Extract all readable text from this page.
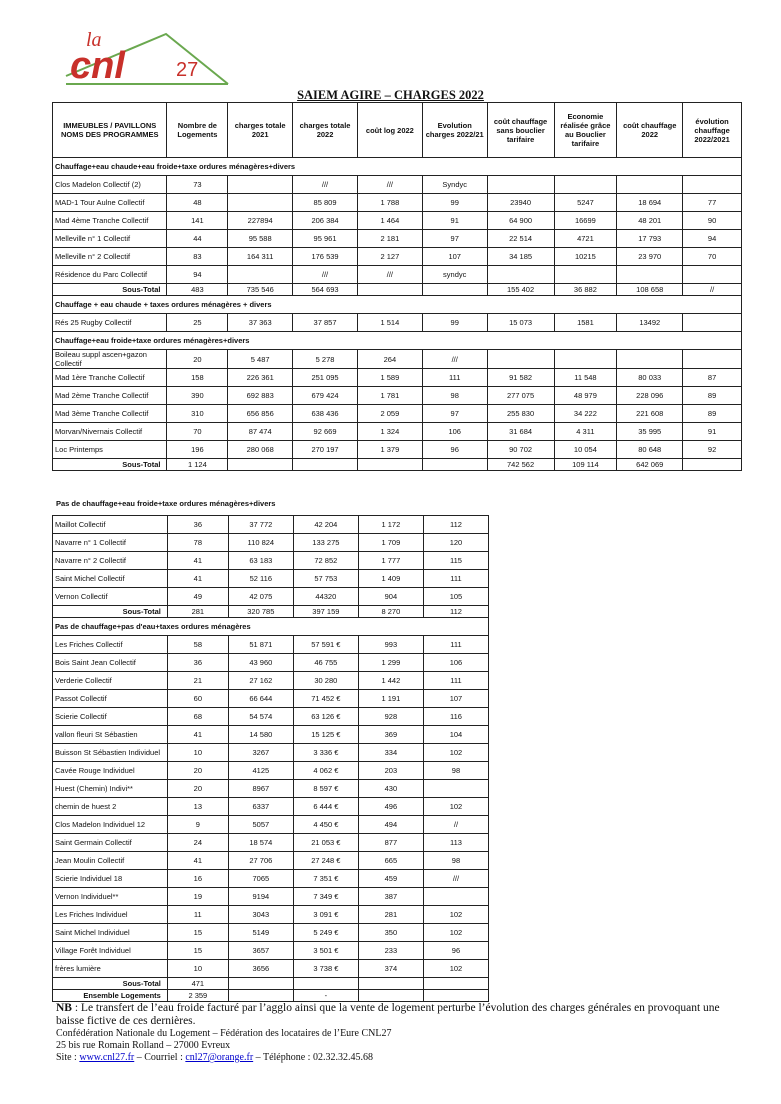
la
cnl	27
SAIEM AGIRE – CHARGES 2022
IMMEUBLES / PAVILLONS NOMS DES PROGRAMMES	Nombre de Logements	charges totale 2021	charges totale 2022	coût log 2022	Evolution charges 2022/21	coût chauffage sans bouclier tarifaire	Economie réalisée grâce au Bouclier tarifaire	coût chauffage 2022	évolution chauffage 2022/2021
Chauffage+eau chaude+eau froide+taxe ordures ménagères+divers									
Clos Madelon Collectif (2)	73		///	///	Syndyc				
MAD-1 Tour Aulne Collectif	48		85 809	1 788	99	23940	5247	18 694	77
Mad 4ème Tranche Collectif	141	227894	206 384	1 464	91	64 900	16699	48 201	90
Melleville n° 1 Collectif	44	95 588	95 961	2 181	97	22 514	4721	17 793	94
Melleville n° 2 Collectif	83	164 311	176 539	2 127	107	34 185	10215	23 970	70
Résidence du Parc Collectif	94		///	///	syndyc				
Sous-Total	483	735 546	564 693			155 402	36 882	108 658	//
Chauffage + eau chaude + taxes ordures ménagères + divers									
Rés 25 Rugby Collectif	25	37 363	37 857	1 514	99	15 073	1581	13492	
Chauffage+eau froide+taxe ordures ménagères+divers									
Boileau suppl ascen+gazon Collectif	20	5 487	5 278	264	///				
Mad 1ère Tranche Collectif	158	226 361	251 095	1 589	111	91 582	11 548	80 033	87
Mad 2ème Tranche Collectif	390	692 883	679 424	1 781	98	277 075	48 979	228 096	89
Mad 3ème Tranche Collectif	310	656 856	638 436	2 059	97	255 830	34 222	221 608	89
Morvan/Nivernais Collectif	70	87 474	92 669	1 324	106	31 684	4 311	35 995	91
Loc Printemps	196	280 068	270 197	1 379	96	90 702	10 054	80 648	92
Sous-Total	1 124					742 562	109 114	642 069	
Pas de chauffage+eau froide+taxe ordures ménagères+divers
Maillot Collectif	36	37 772	42 204	1 172	112
Navarre n° 1 Collectif	78	110 824	133 275	1 709	120
Navarre n° 2 Collectif	41	63 183	72 852	1 777	115
Saint Michel Collectif	41	52 116	57 753	1 409	111
Vernon Collectif	49	42 075	44320	904	105
Sous-Total	281	320 785	397 159	8 270	112
Pas de chauffage+pas d'eau+taxes ordures ménagères					
Les Friches Collectif	58	51 871	57 591 €	993	111
Bois Saint Jean Collectif	36	43 960	46 755	1 299	106
Verderie Collectif	21	27 162	30 280	1 442	111
Passot Collectif	60	66 644	71 452 €	1 191	107
Scierie Collectif	68	54 574	63 126 €	928	116
vallon fleuri St Sébastien	41	14 580	15 125 €	369	104
Buisson St Sébastien Individuel	10	3267	3 336 €	334	102
Cavée Rouge Individuel	20	4125	4 062 €	203	98
Huest (Chemin) Indivi**	20	8967	8 597 €	430	
chemin de huest 2	13	6337	6 444 €	496	102
Clos Madelon Individuel 12	9	5057	4 450 €	494	//
Saint Germain Collectif	24	18 574	21 053 €	877	113
Jean Moulin Collectif	41	27 706	27 248 €	665	98
Scierie Individuel 18	16	7065	7 351 €	459	///
Vernon Individuel**	19	9194	7 349 €	387	
Les Friches Individuel	11	3043	3 091 €	281	102
Saint Michel Individuel	15	5149	5 249 €	350	102
Village Forêt Individuel	15	3657	3 501 €	233	96
frères lumière	10	3656	3 738 €	374	102
Sous-Total	471				
Ensemble Logements	2 359		-		
NB : Le transfert de l’eau froide facturé par l’agglo ainsi que la vente de logement perturbe l’évolution des charges générales en provoquant une baisse fictive de ces dernières.
Confédération Nationale du Logement – Fédération des locataires de l’Eure CNL27
25 bis rue Romain Rolland – 27000 Evreux
Site : www.cnl27.fr – Courriel : cnl27@orange.fr – Téléphone : 02.32.32.45.68
